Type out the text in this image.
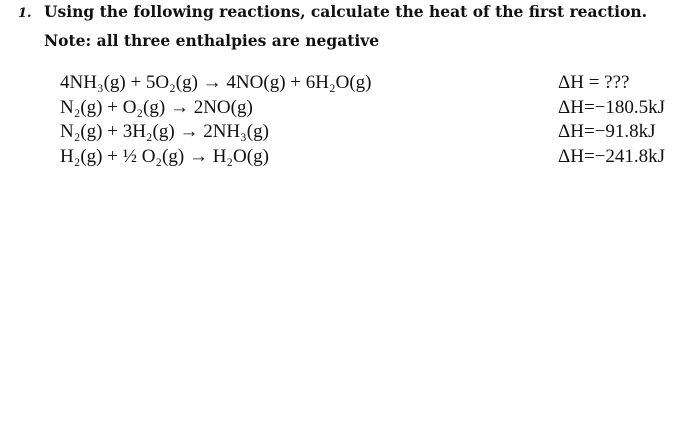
1. Using the following reactions, calculate the heat of the first reaction.
Note: all three enthalpies are negative
4NH₃(g) + 5O₂(g) → 4NO(g) + 6H₂O(g)	ΔH = ???
N₂(g) + O₂(g) → 2NO(g)	ΔH=−180.5kJ
N₂(g) + 3H₂(g) → 2NH₃(g)	ΔH=−91.8kJ
H₂(g) + ½ O₂(g) → H₂O(g)	ΔH=−241.8kJ
